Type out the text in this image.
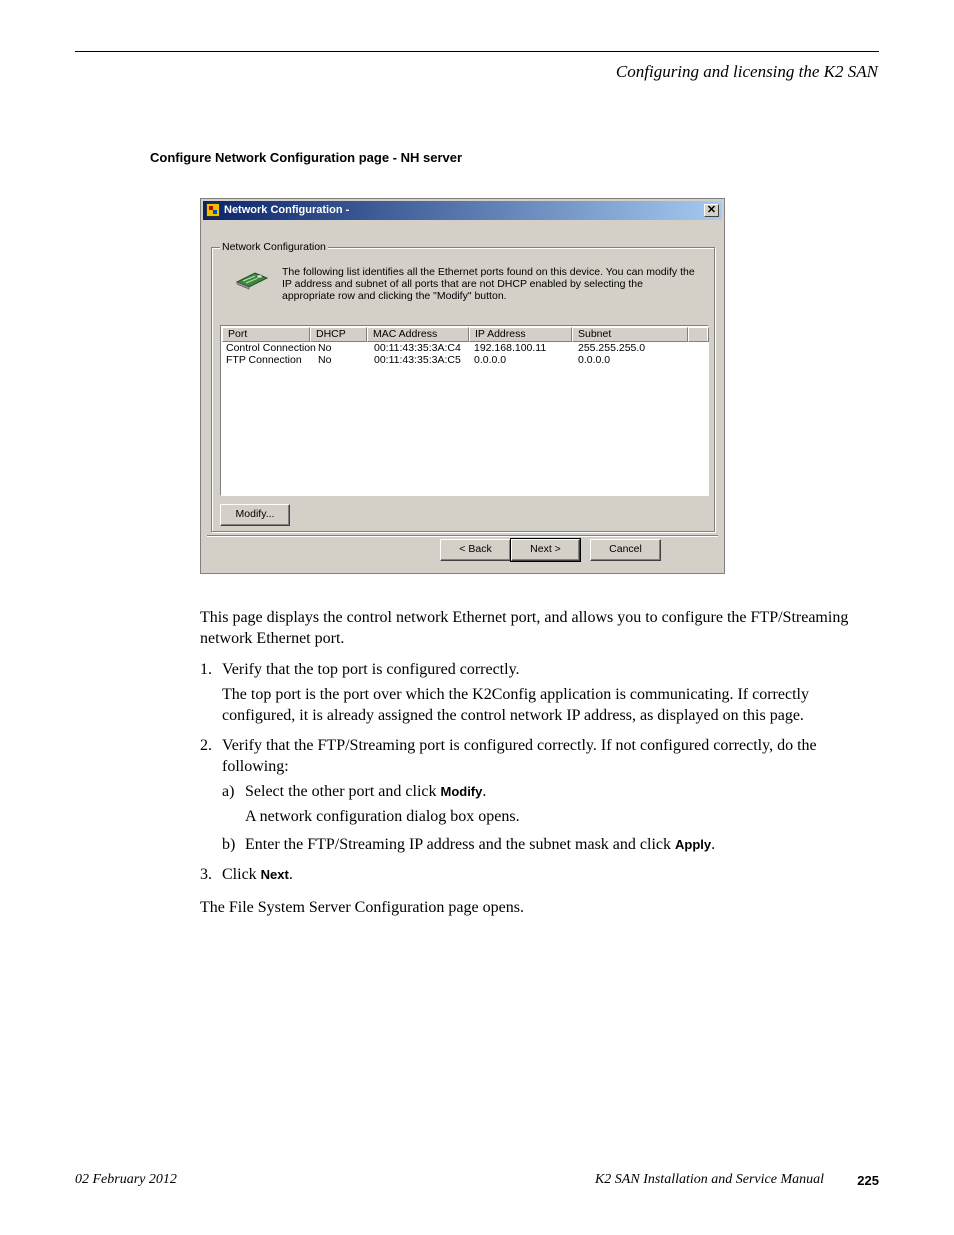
Configuring and licensing the K2 SAN
Configure Network Configuration page - NH server
Network Configuration -	✕
Network Configuration
The following list identifies all the Ethernet ports found on this device. You can modify the IP address and subnet of all ports that are not DHCP enabled by selecting the appropriate row and clicking the "Modify" button.
Port	DHCP	MAC Address	IP Address	Subnet
Control Connection No	00:11:43:35:3A:C4	192.168.100.11	255.255.255.0
FTP Connection	No	00:11:43:35:3A:C5	0.0.0.0	0.0.0.0
Modify...
< Back	Next >	Cancel
This page displays the control network Ethernet port, and allows you to configure the FTP/Streaming network Ethernet port.
1. Verify that the top port is configured correctly.
The top port is the port over which the K2Config application is communicating. If correctly configured, it is already assigned the control network IP address, as displayed on this page.
2. Verify that the FTP/Streaming port is configured correctly. If not configured correctly, do the following:
a) Select the other port and click Modify.
A network configuration dialog box opens.
b) Enter the FTP/Streaming IP address and the subnet mask and click Apply.
3. Click Next.
The File System Server Configuration page opens.
02 February 2012	K2 SAN Installation and Service Manual	225
